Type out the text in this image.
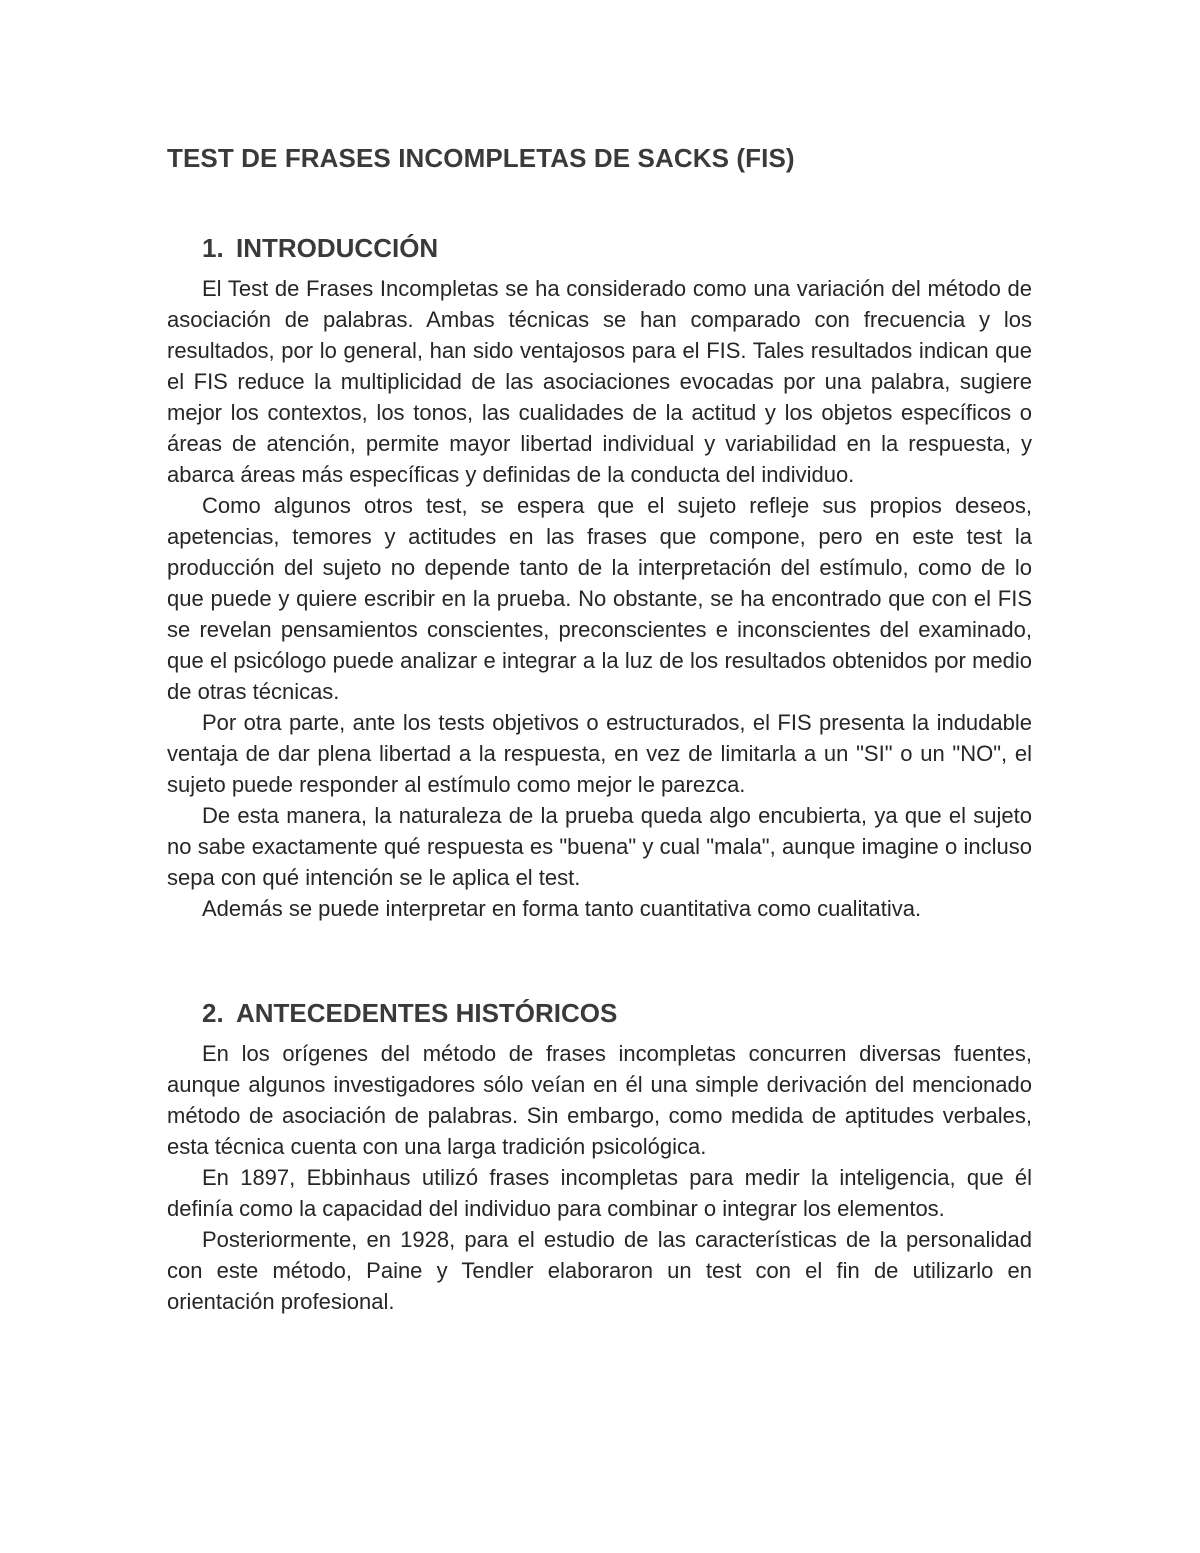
TEST DE FRASES INCOMPLETAS DE SACKS (FIS)
1. INTRODUCCIÓN

El Test de Frases Incompletas se ha considerado como una variación del método de asociación de palabras. Ambas técnicas se han comparado con frecuencia y los resultados, por lo general, han sido ventajosos para el FIS. Tales resultados indican que el FIS reduce la multiplicidad de las asociaciones evocadas por una palabra, sugiere mejor los contextos, los tonos, las cualidades de la actitud y los objetos específicos o áreas de atención, permite mayor libertad individual y variabilidad en la respuesta, y abarca áreas más específicas y definidas de la conducta del individuo.

Como algunos otros test, se espera que el sujeto refleje sus propios deseos, apetencias, temores y actitudes en las frases que compone, pero en este test la producción del sujeto no depende tanto de la interpretación del estímulo, como de lo que puede y quiere escribir en la prueba. No obstante, se ha encontrado que con el FIS se revelan pensamientos conscientes, preconscientes e inconscientes del examinado, que el psicólogo puede analizar e integrar a la luz de los resultados obtenidos por medio de otras técnicas.

Por otra parte, ante los tests objetivos o estructurados, el FIS presenta la indudable ventaja de dar plena libertad a la respuesta, en vez de limitarla a un "SI" o un "NO", el sujeto puede responder al estímulo como mejor le parezca.

De esta manera, la naturaleza de la prueba queda algo encubierta, ya que el sujeto no sabe exactamente qué respuesta es "buena" y cual "mala", aunque imagine o incluso sepa con qué intención se le aplica el test.

Además se puede interpretar en forma tanto cuantitativa como cualitativa.

2. ANTECEDENTES HISTÓRICOS

En los orígenes del método de frases incompletas concurren diversas fuentes, aunque algunos investigadores sólo veían en él una simple derivación del mencionado método de asociación de palabras. Sin embargo, como medida de aptitudes verbales, esta técnica cuenta con una larga tradición psicológica.

En 1897, Ebbinhaus utilizó frases incompletas para medir la inteligencia, que él definía como la capacidad del individuo para combinar o integrar los elementos.

Posteriormente, en 1928, para el estudio de las características de la personalidad con este método, Paine y Tendler elaboraron un test con el fin de utilizarlo en orientación profesional.
